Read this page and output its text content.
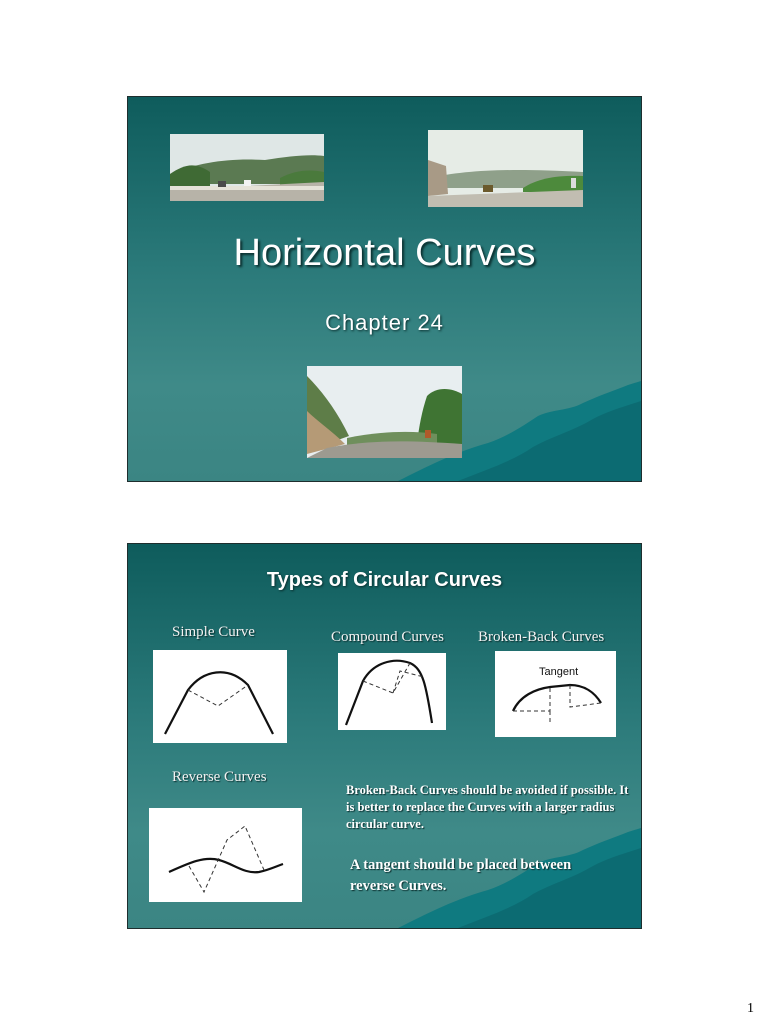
Horizontal Curves
Chapter 24
Types of Circular Curves
Simple Curve	Compound Curves Broken-Back Curves
Tangent
Reverse Curves
Broken-Back Curves should be avoided if possible. It is better to replace the Curves with a larger radius circular curve.
A tangent should be placed between reverse Curves.
1
